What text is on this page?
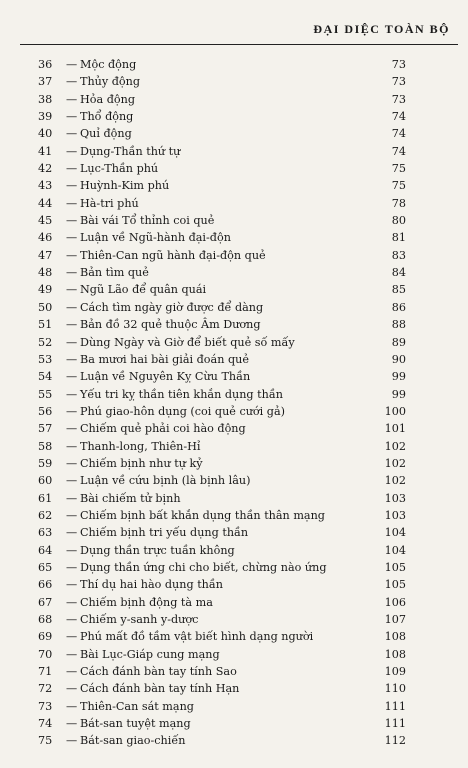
ĐẠI DIỆC TOÀN BỘ
36 — Mộc động	73
37 — Thủy động	73
38 — Hỏa động	73
39 — Thổ động	74
40 — Quỉ động	74
41 — Dụng-Thần thứ tự	74
42 — Lục-Thần phú	75
43 — Huỳnh-Kim phú	75
44 — Hà-tri phú	78
45 — Bài vái Tổ thỉnh coi quẻ	80
46 — Luận về Ngũ-hành đại-độn	81
47 — Thiên-Can ngũ hành đại-độn quẻ	83
48 — Bản tìm quẻ	84
49 — Ngũ Lão để quân quái	85
50 — Cách tìm ngày giờ được để dàng	86
51 — Bản đồ 32 quẻ thuộc Âm Dương	88
52 — Dùng Ngày và Giờ để biết quẻ số mấy	89
53 — Ba mươi hai bài giải đoán quẻ	90
54 — Luận về Nguyên Kỵ Cừu Thần	99
55 — Yếu tri kỵ thần tiên khắn dụng thần	99
56 — Phú giao-hôn dụng (coi quẻ cưới gả)	100
57 — Chiếm quẻ phải coi hào động	101
58 — Thanh-long, Thiên-Hỉ	102
59 — Chiếm bịnh như tự kỷ	102
60 — Luận về cứu bịnh (là bịnh lâu)	102
61 — Bài chiếm tử bịnh	103
62 — Chiếm bịnh bất khắn dụng thần thân mạng	103
63 — Chiếm bịnh tri yếu dụng thần	104
64 — Dụng thần trực tuần không	104
65 — Dụng thần ứng chi cho biết, chừng nào ứng	105
66 — Thí dụ hai hào dụng thần	105
67 — Chiếm bịnh động tà ma	106
68 — Chiếm y-sanh y-dược	107
69 — Phú mất đồ tầm vật biết hình dạng người	108
70 — Bài Lục-Giáp cung mạng	108
71 — Cách đánh bàn tay tính Sao	109
72 — Cách đánh bàn tay tính Hạn	110
73 — Thiên-Can sát mạng	111
74 — Bát-san tuyệt mạng	111
75 — Bát-san giao-chiến	112
